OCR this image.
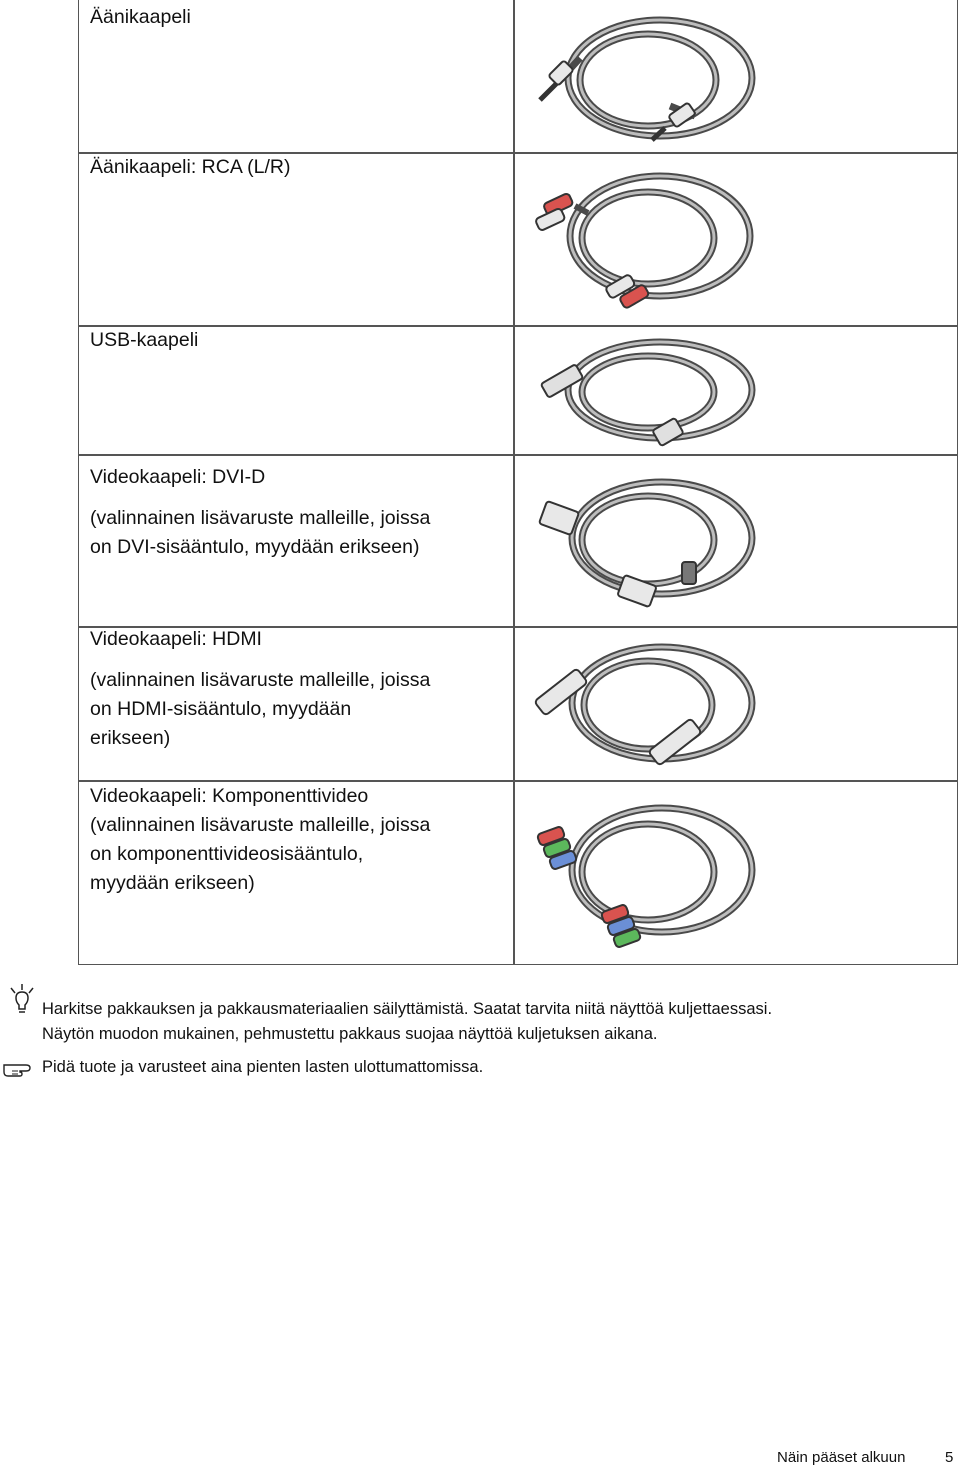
Äänikaapeli
Äänikaapeli: RCA (L/R)
USB-kaapeli
Videokaapeli: DVI-D
(valinnainen lisävaruste malleille, joissa
on DVI-sisääntulo, myydään erikseen)
Videokaapeli: HDMI
(valinnainen lisävaruste malleille, joissa
on HDMI-sisääntulo, myydään
erikseen)
Videokaapeli: Komponenttivideo
(valinnainen lisävaruste malleille, joissa
on komponenttivideosisääntulo,
myydään erikseen)
Harkitse pakkauksen ja pakkausmateriaalien säilyttämistä. Saatat tarvita niitä näyttöä kuljettaessasi.
Näytön muodon mukainen, pehmustettu pakkaus suojaa näyttöä kuljetuksen aikana.
Pidä tuote ja varusteet aina pienten lasten ulottumattomissa.
Näin pääset alkuun	5
